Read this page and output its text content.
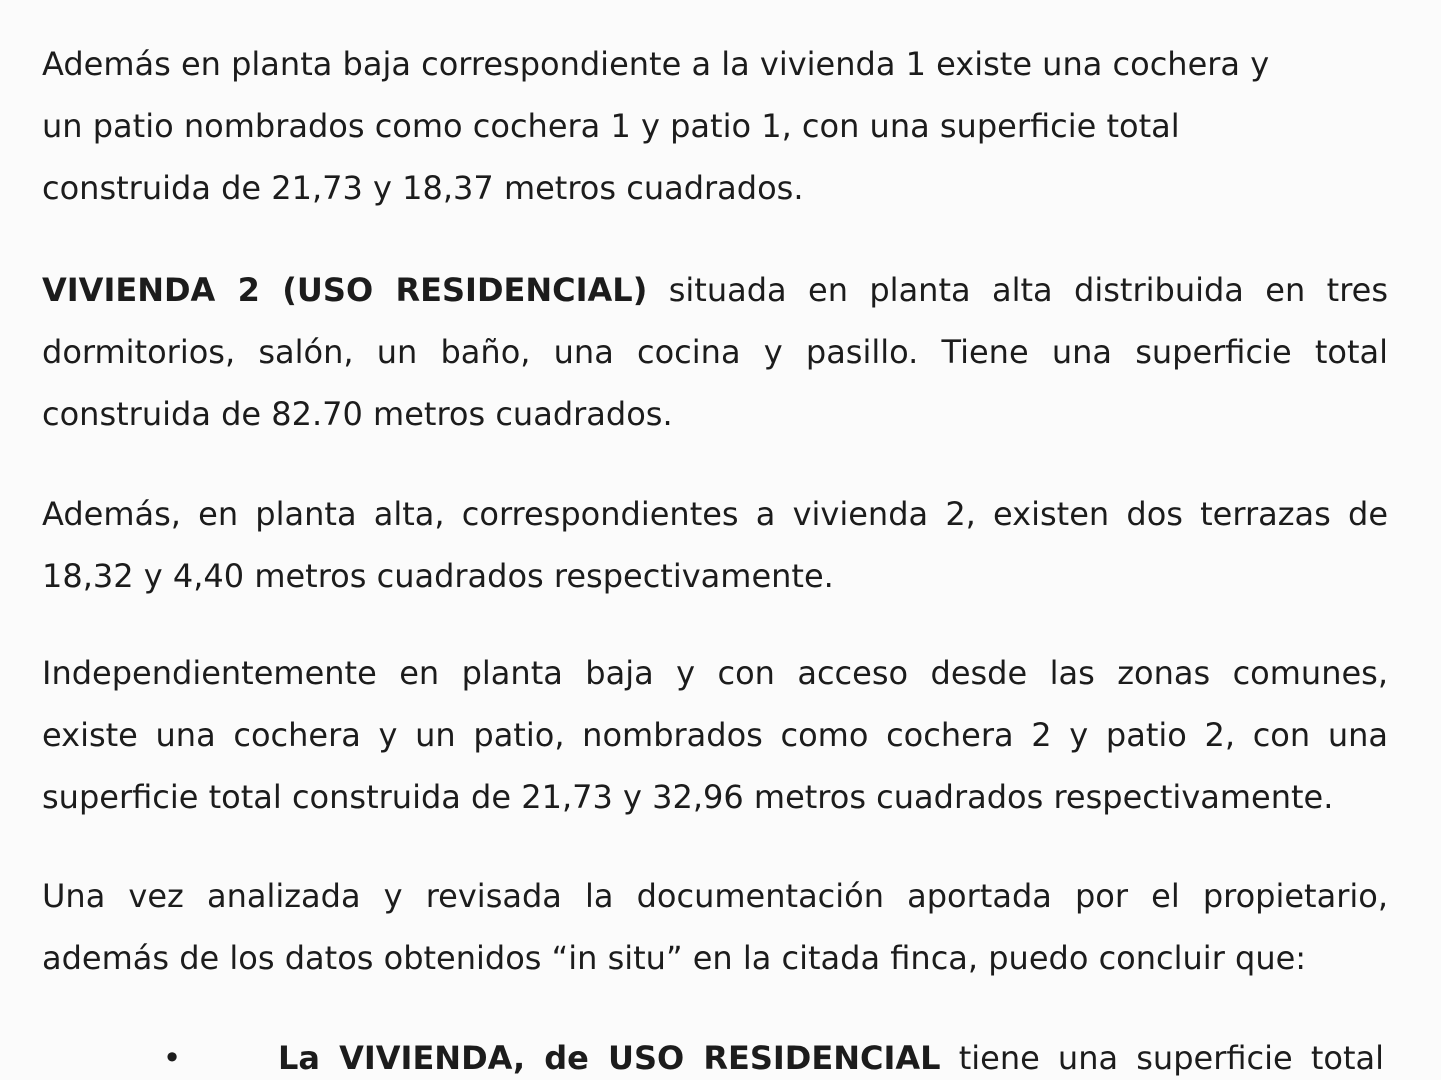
Además en planta baja correspondiente a la vivienda 1 existe una cochera y
un patio nombrados como cochera 1 y patio 1, con una superficie total
construida de 21,73 y 18,37 metros cuadrados.

VIVIENDA 2 (USO RESIDENCIAL) situada en planta alta distribuida en tres
dormitorios, salón, un baño, una cocina y pasillo. Tiene una superficie total
construida de 82.70 metros cuadrados.
Además, en planta alta, correspondientes a vivienda 2, existen dos terrazas de
18,32 y 4,40 metros cuadrados respectivamente.
Independientemente en planta baja y con acceso desde las zonas comunes,
existe una cochera y un patio, nombrados como cochera 2 y patio 2, con una
superficie total construida de 21,73 y 32,96 metros cuadrados respectivamente.
Una vez analizada y revisada la documentación aportada por el propietario,
además de los datos obtenidos “in situ” en la citada finca, puedo concluir que:
•	La VIVIENDA, de USO RESIDENCIAL tiene una superficie total
